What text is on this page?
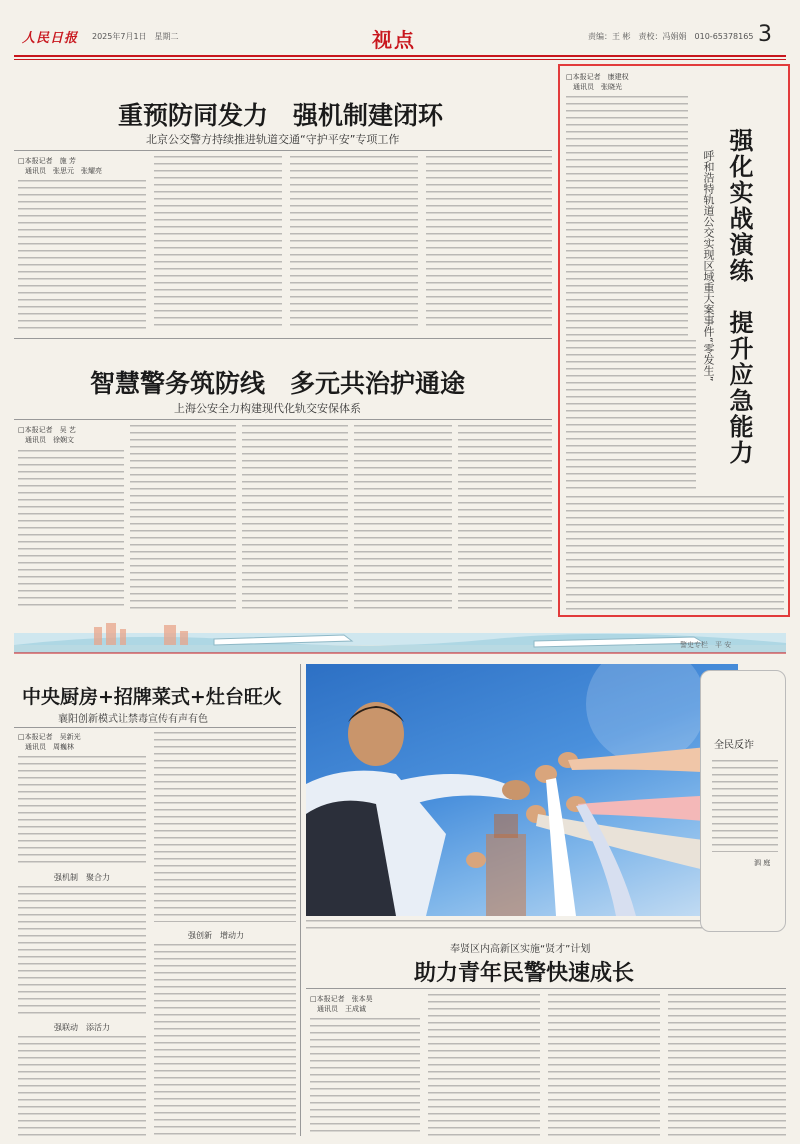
人民日报 2025年7月1日　星期二	视点	责编：王 彬　责校：冯娟娟　010-65378165 3
重预防同发力　强机制建闭环
北京公交警方持续推进轨道交通“守护平安”专项工作
□本报记者　施 芳
　通讯员　张思元　张耀亮
智慧警务筑防线　多元共治护通途
上海公安全力构建现代化轨交安保体系
□本报记者　吴 艺
　通讯员　徐娴文
□本报记者　康建权
　通讯员　张晓光
强化实战演练　提升应急能力
呼和浩特轨道公交实现区域重大案事件“零发生”
警史专栏　平 安
中央厨房+招牌菜式+灶台旺火
襄阳创新模式让禁毒宣传有声有色
□本报记者　吴新光
　通讯员　周巍林
强机制　聚合力
强联动　添活力
强创新　增动力
全民反诈
泗 庭
奉贤区内高新区实施“贤才”计划
助力青年民警快速成长
□本报记者　张本昊
　通讯员　王成诚
